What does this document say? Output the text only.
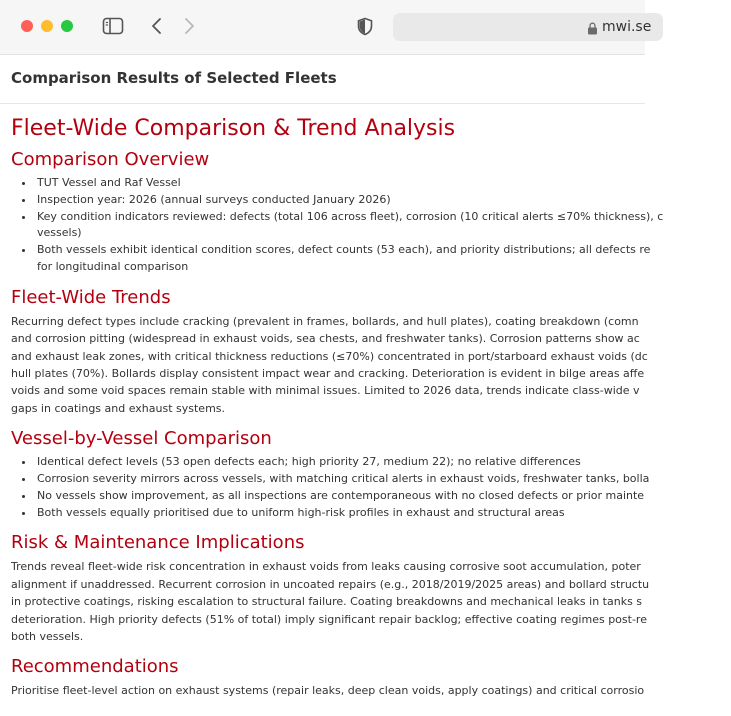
mwi.se
Comparison Results of Selected Fleets
Fleet-Wide Comparison & Trend Analysis
Comparison Overview
• TUT Vessel and Raf Vessel
• Inspection year: 2026 (annual surveys conducted January 2026)
• Key condition indicators reviewed: defects (total 106 across fleet), corrosion (10 critical alerts ≤70% thickness), c
vessels)
• Both vessels exhibit identical condition scores, defect counts (53 each), and priority distributions; all defects re
for longitudinal comparison
Fleet-Wide Trends

Recurring defect types include cracking (prevalent in frames, bollards, and hull plates), coating breakdown (comn
and corrosion pitting (widespread in exhaust voids, sea chests, and freshwater tanks). Corrosion patterns show ac
and exhaust leak zones, with critical thickness reductions (≤70%) concentrated in port/starboard exhaust voids (dc
hull plates (70%). Bollards display consistent impact wear and cracking. Deterioration is evident in bilge areas affe
voids and some void spaces remain stable with minimal issues. Limited to 2026 data, trends indicate class-wide v
gaps in coatings and exhaust systems.

Vessel-by-Vessel Comparison
• Identical defect levels (53 open defects each; high priority 27, medium 22); no relative differences
• Corrosion severity mirrors across vessels, with matching critical alerts in exhaust voids, freshwater tanks, bolla
• No vessels show improvement, as all inspections are contemporaneous with no closed defects or prior mainte
• Both vessels equally prioritised due to uniform high-risk profiles in exhaust and structural areas
Risk & Maintenance Implications

Trends reveal fleet-wide risk concentration in exhaust voids from leaks causing corrosive soot accumulation, poter
alignment if unaddressed. Recurrent corrosion in uncoated repairs (e.g., 2018/2019/2025 areas) and bollard structu
in protective coatings, risking escalation to structural failure. Coating breakdowns and mechanical leaks in tanks s
deterioration. High priority defects (51% of total) imply significant repair backlog; effective coating regimes post-re
both vessels.

Recommendations

Prioritise fleet-level action on exhaust systems (repair leaks, deep clean voids, apply coatings) and critical corrosio
